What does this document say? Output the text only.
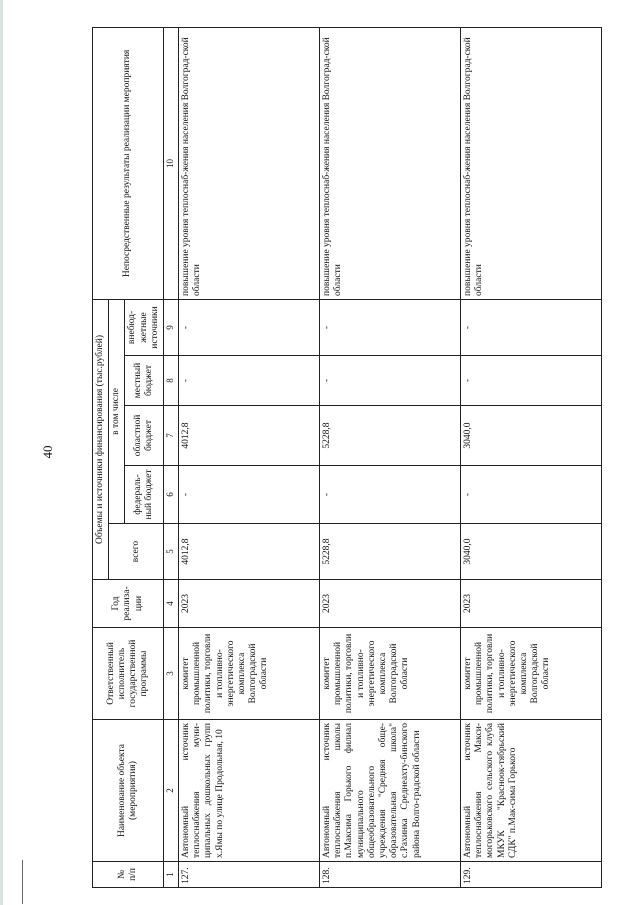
40
№ п/п	Наименование объекта (мероприятия)	Ответственный исполнитель государственной программы	Год реализа-ции	Объемы и источники финансирования (тыс.рублей)					Непосредственные результаты реализации мероприятия
				всего	в том числе				
					федераль-ный бюджет	областной бюджет	местный бюджет	внебюд-жетные источники	
1	2	3	4	5	6	7	8	9	10
127.	Автономный источник теплоснабжения муни-ципальных дошкольных групп х.Ямы по улице Продольная, 10	комитет промышленной политики, торговли и топливно-энергетического комплекса Волгоградской области	2023	4012,8	-	4012,8	-	-	повышение уровня теплоснаб-жения населения Волгоград-ской области
128.	Автономный источник теплоснабжения школы п.Максима Горького филиал муниципального общеобразовательного учреждения "Средняя обще-образовательная школа" с.Рахинка Среднеахту-бинского района Волго-градской области	комитет промышленной политики, торговли и топливно-энергетического комплекса Волгоградской области	2023	5228,8	-	5228,8	-	-	повышение уровня теплоснаб-жения населения Волгоград-ской области
129.	Автономный источник теплоснабжения Макси-могорьковского сельского клуба МКУК "Красноок-тябрьский СДК" п.Мак-сима Горького	комитет промышленной политики, торговли и топливно-энергетического комплекса Волгоградской области	2023	3040,0	-	3040,0	-	-	повышение уровня теплоснаб-жения населения Волгоград-ской области
